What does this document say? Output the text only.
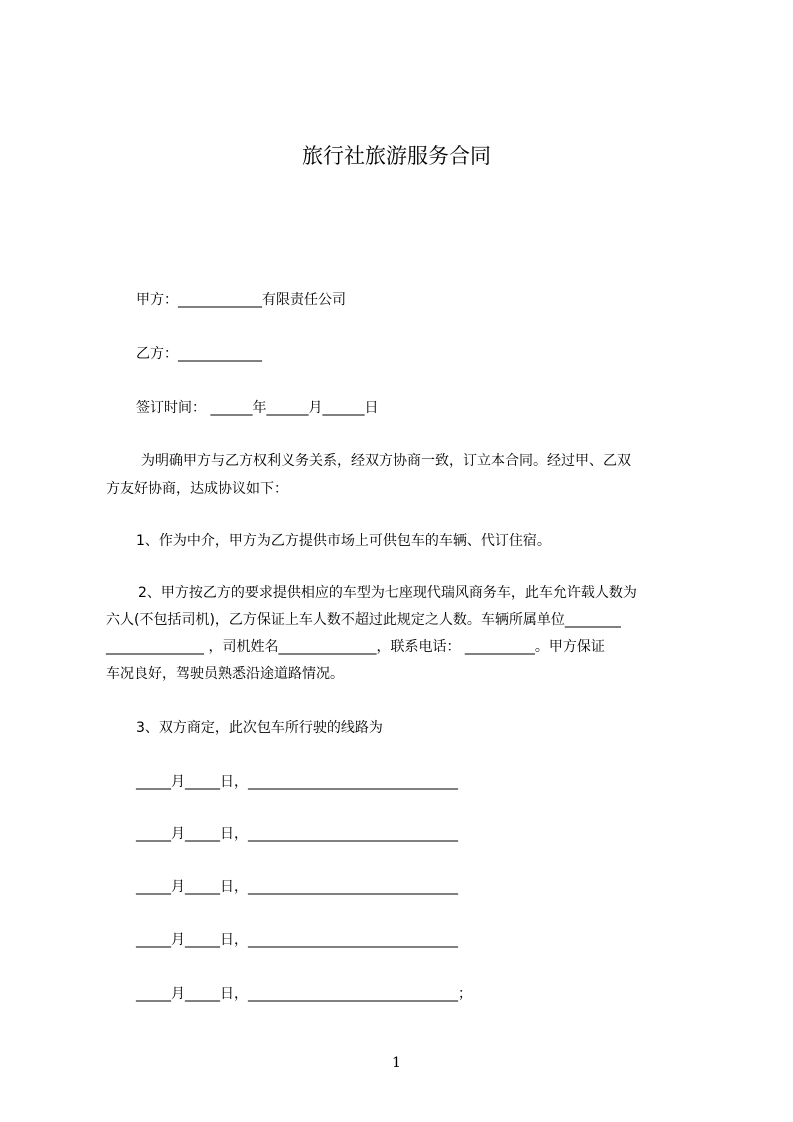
旅行社旅游服务合同
甲方：____________有限责任公司
乙方：____________
签订时间： ______年______月______日
为明确甲方与乙方权利义务关系，经双方协商一致，订立本合同。经过甲、乙双
方友好协商，达成协议如下：
1、作为中介，甲方为乙方提供市场上可供包车的车辆、代订住宿。
2、甲方按乙方的要求提供相应的车型为七座现代瑞风商务车，此车允许载人数为
六人(不包括司机)，乙方保证上车人数不超过此规定之人数。车辆所属单位________
______________ ，司机姓名______________，联系电话： __________。甲方保证
车况良好，驾驶员熟悉沿途道路情况。
3、双方商定，此次包车所行驶的线路为
_____月_____日，______________________________
_____月_____日，______________________________
_____月_____日，______________________________
_____月_____日，______________________________
_____月_____日，______________________________；
1
